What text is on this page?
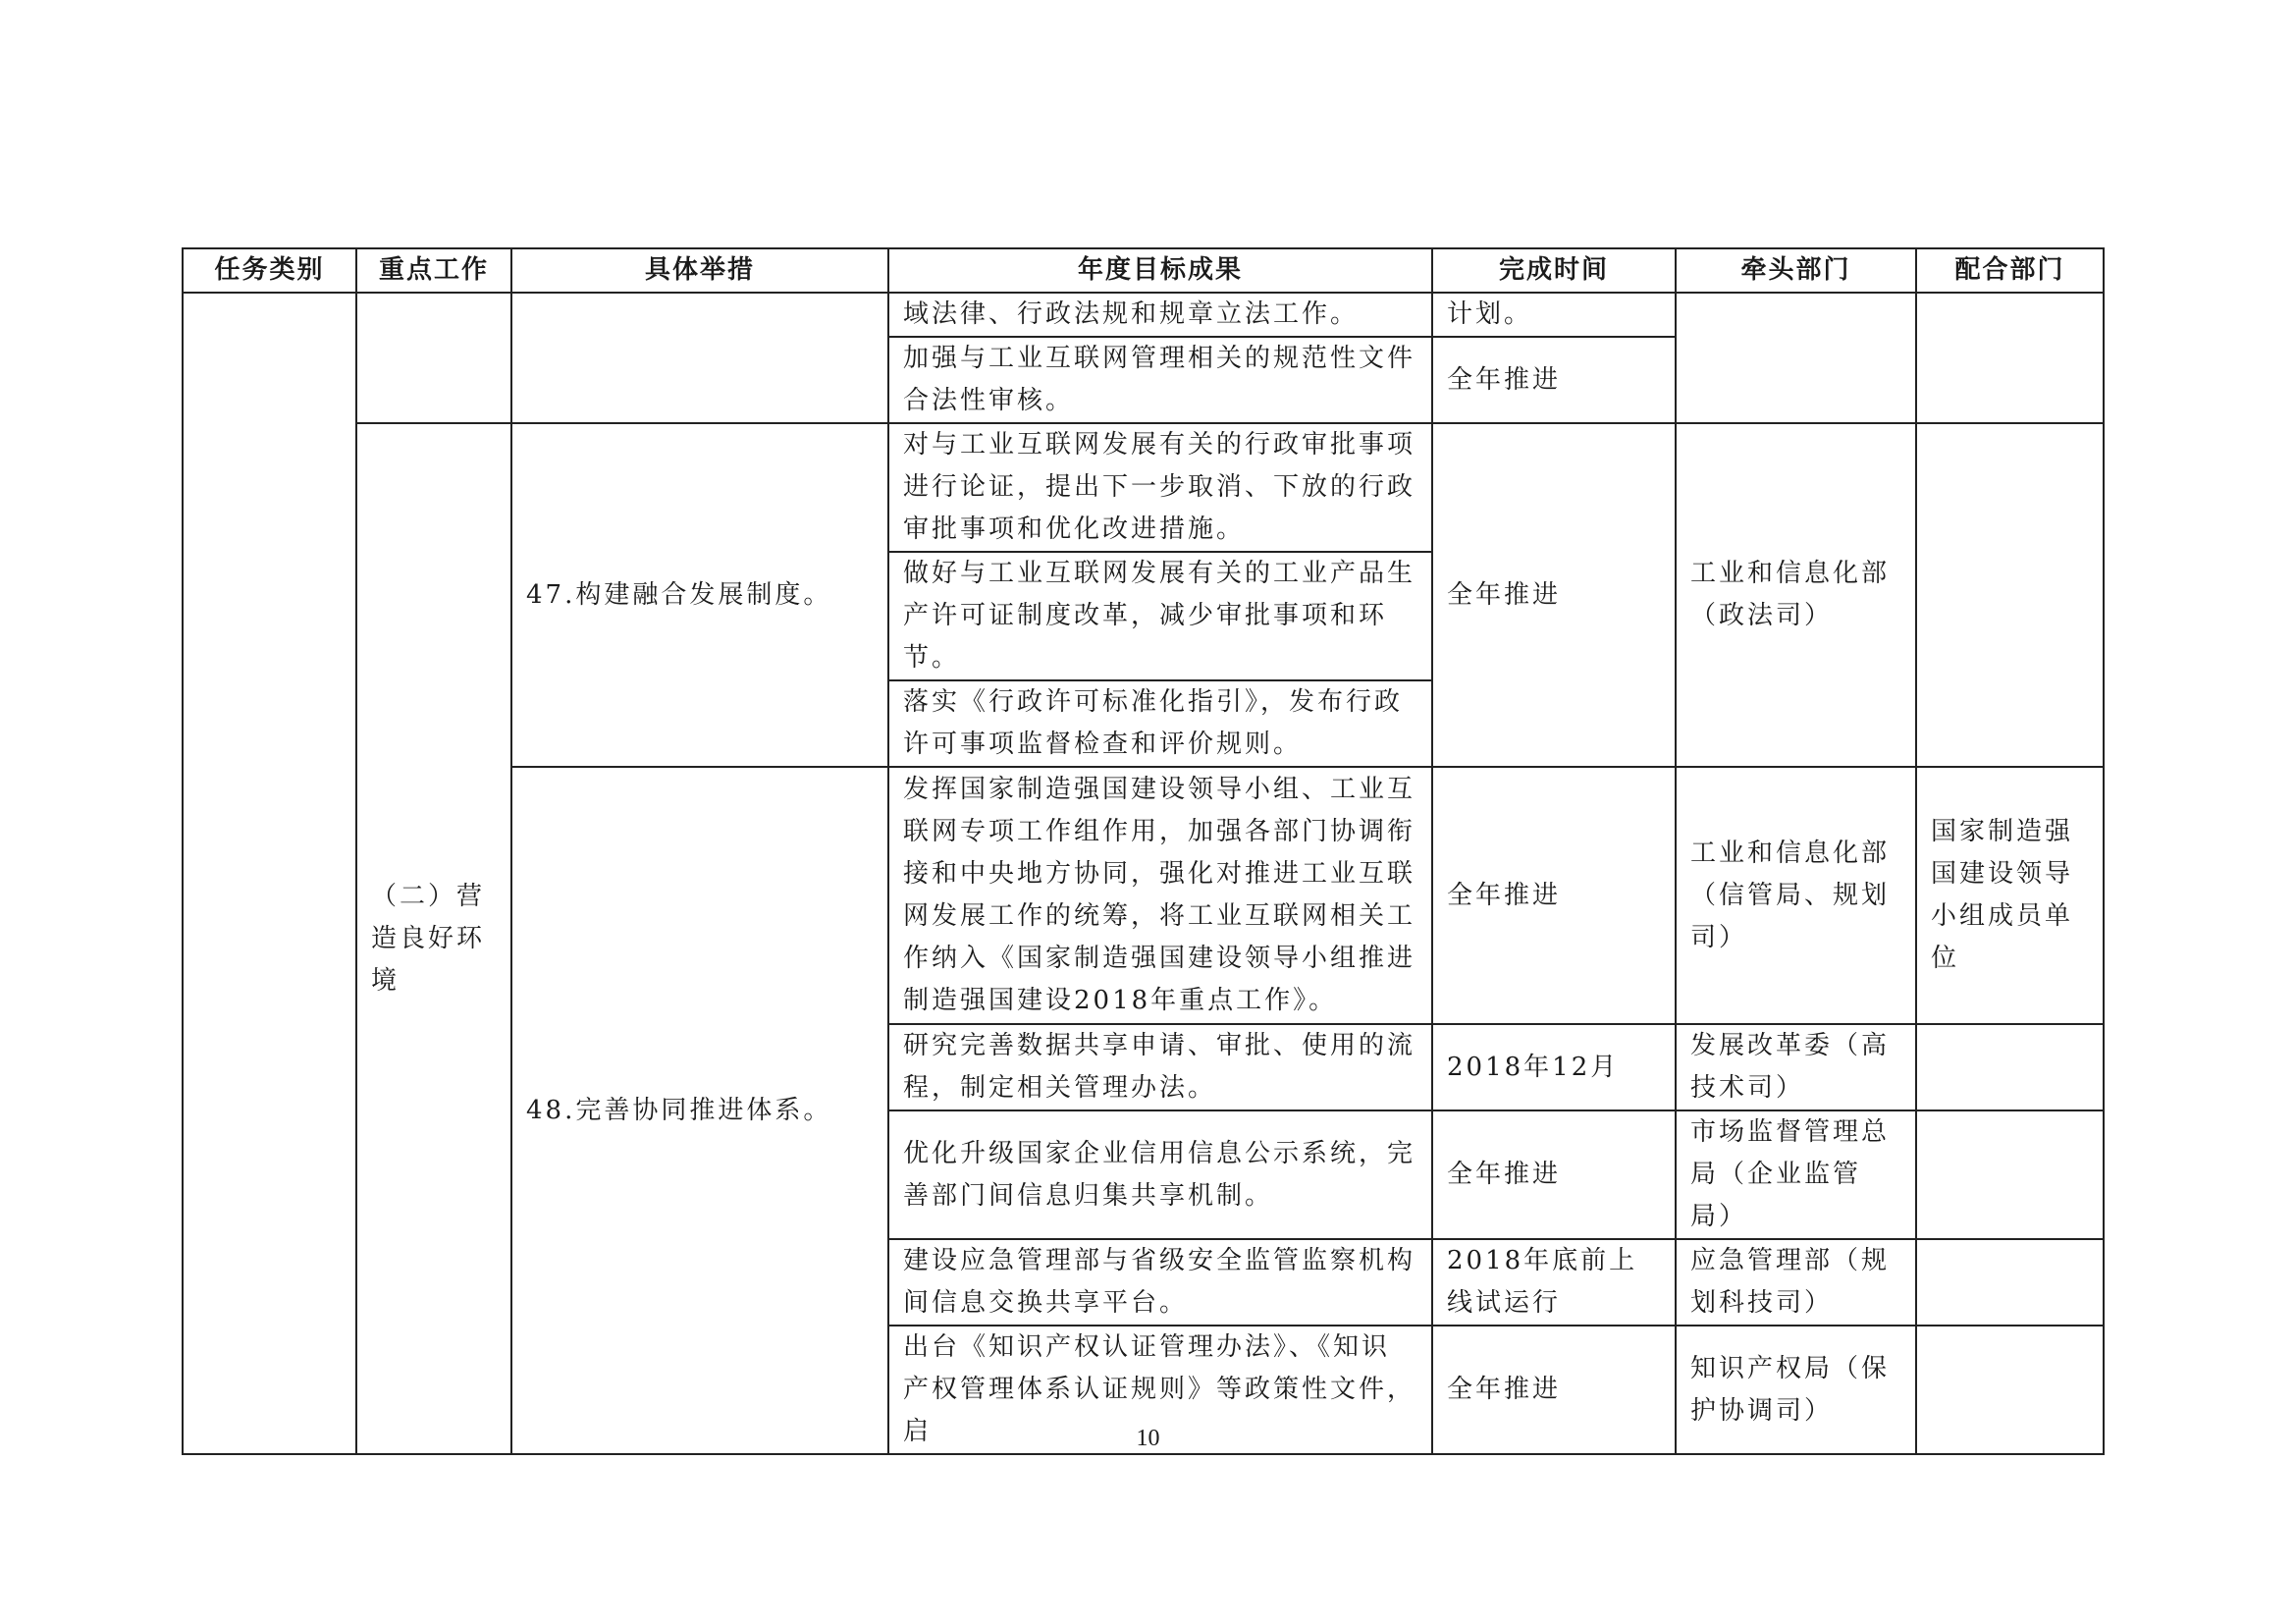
任务类别	重点工作	具体举措	年度目标成果	完成时间	牵头部门	配合部门
			域法律、行政法规和规章立法工作。	计划。		
			加强与工业互联网管理相关的规范性文件合法性审核。	全年推进		
	（二）营造良好环境	47.构建融合发展制度。	对与工业互联网发展有关的行政审批事项进行论证，提出下一步取消、下放的行政审批事项和优化改进措施。	全年推进	工业和信息化部（政法司）	
			做好与工业互联网发展有关的工业产品生产许可证制度改革，减少审批事项和环节。			
			落实《行政许可标准化指引》，发布行政许可事项监督检查和评价规则。			
		48.完善协同推进体系。	发挥国家制造强国建设领导小组、工业互联网专项工作组作用，加强各部门协调衔接和中央地方协同，强化对推进工业互联网发展工作的统筹，将工业互联网相关工作纳入《国家制造强国建设领导小组推进制造强国建设2018年重点工作》。	全年推进	工业和信息化部（信管局、规划司）	国家制造强国建设领导小组成员单位
			研究完善数据共享申请、审批、使用的流程，制定相关管理办法。	2018年12月	发展改革委（高技术司）	
			优化升级国家企业信用信息公示系统，完善部门间信息归集共享机制。	全年推进	市场监督管理总局（企业监管局）	
			建设应急管理部与省级安全监管监察机构间信息交换共享平台。	2018年底前上线试运行	应急管理部（规划科技司）	
			出台《知识产权认证管理办法》、《知识产权管理体系认证规则》等政策性文件，启	全年推进	知识产权局（保护协调司）	
10
